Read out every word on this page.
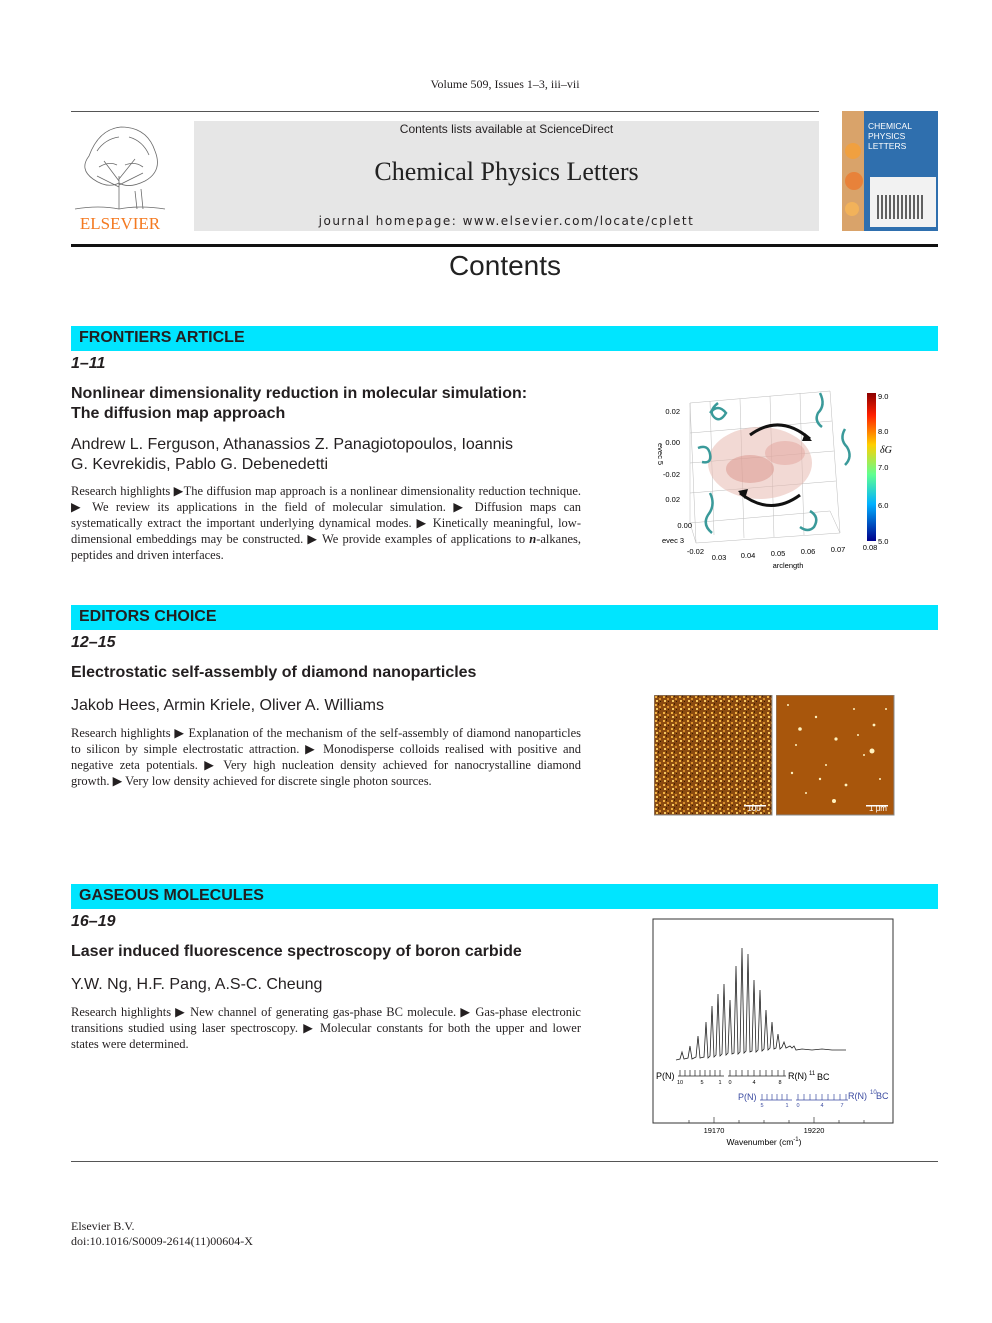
Volume 509, Issues 1–3, iii–vii
ELSEVIER
Contents lists available at ScienceDirect
Chemical Physics Letters
journal homepage: www.elsevier.com/locate/cplett
CHEMICAL
PHYSICS
LETTERS
Contents
FRONTIERS ARTICLE
1–11
Nonlinear dimensionality reduction in molecular simulation:
The diffusion map approach
Andrew L. Ferguson, Athanassios Z. Panagiotopoulos, Ioannis
G. Kevrekidis, Pablo G. Debenedetti
Research highlights ▶The diffusion map approach is a nonlinear dimensionality reduction technique. ▶ We review its applications in the field of molecular simulation. ▶ Diffusion maps can systematically extract the important underlying dynamical modes. ▶ Kinetically meaningful, low-dimensional embeddings may be constructed. ▶ We provide examples of applications to n-alkanes, peptides and driven interfaces.
0.02
0.00
-0.02
evec 5
0.02
0.00
-0.02
evec 3
0.03 0.04 0.05 0.06 0.07 0.08
arclength
9.0
8.0
7.0
6.0
5.0
δG
EDITORS CHOICE
12–15
Electrostatic self-assembly of diamond nanoparticles
Jakob Hees, Armin Kriele, Oliver A. Williams
Research highlights ▶ Explanation of the mechanism of the self-assembly of diamond nanoparticles to silicon by simple electrostatic attraction. ▶ Monodisperse colloids realised with positive and negative zeta potentials. ▶ Very high nucleation density achieved for nanocrystalline diamond growth. ▶ Very low density achieved for discrete single photon sources.
100	1 μm
GASEOUS MOLECULES
16–19
Laser induced fluorescence spectroscopy of boron carbide
Y.W. Ng, H.F. Pang, A.S-C. Cheung
Research highlights ▶ New channel of generating gas-phase BC molecule. ▶ Gas-phase electronic transitions studied using laser spectroscopy. ▶ Molecular constants for both the upper and lower states were determined.
P(N)	R(N) 11 BC
10	5	1 0	4	8
P(N)	R(N) 10 BC
5	1 0	4	7
19170	19220
Wavenumber $(cm^{-1})$
Elsevier B.V.
doi:10.1016/S0009-2614(11)00604-X
